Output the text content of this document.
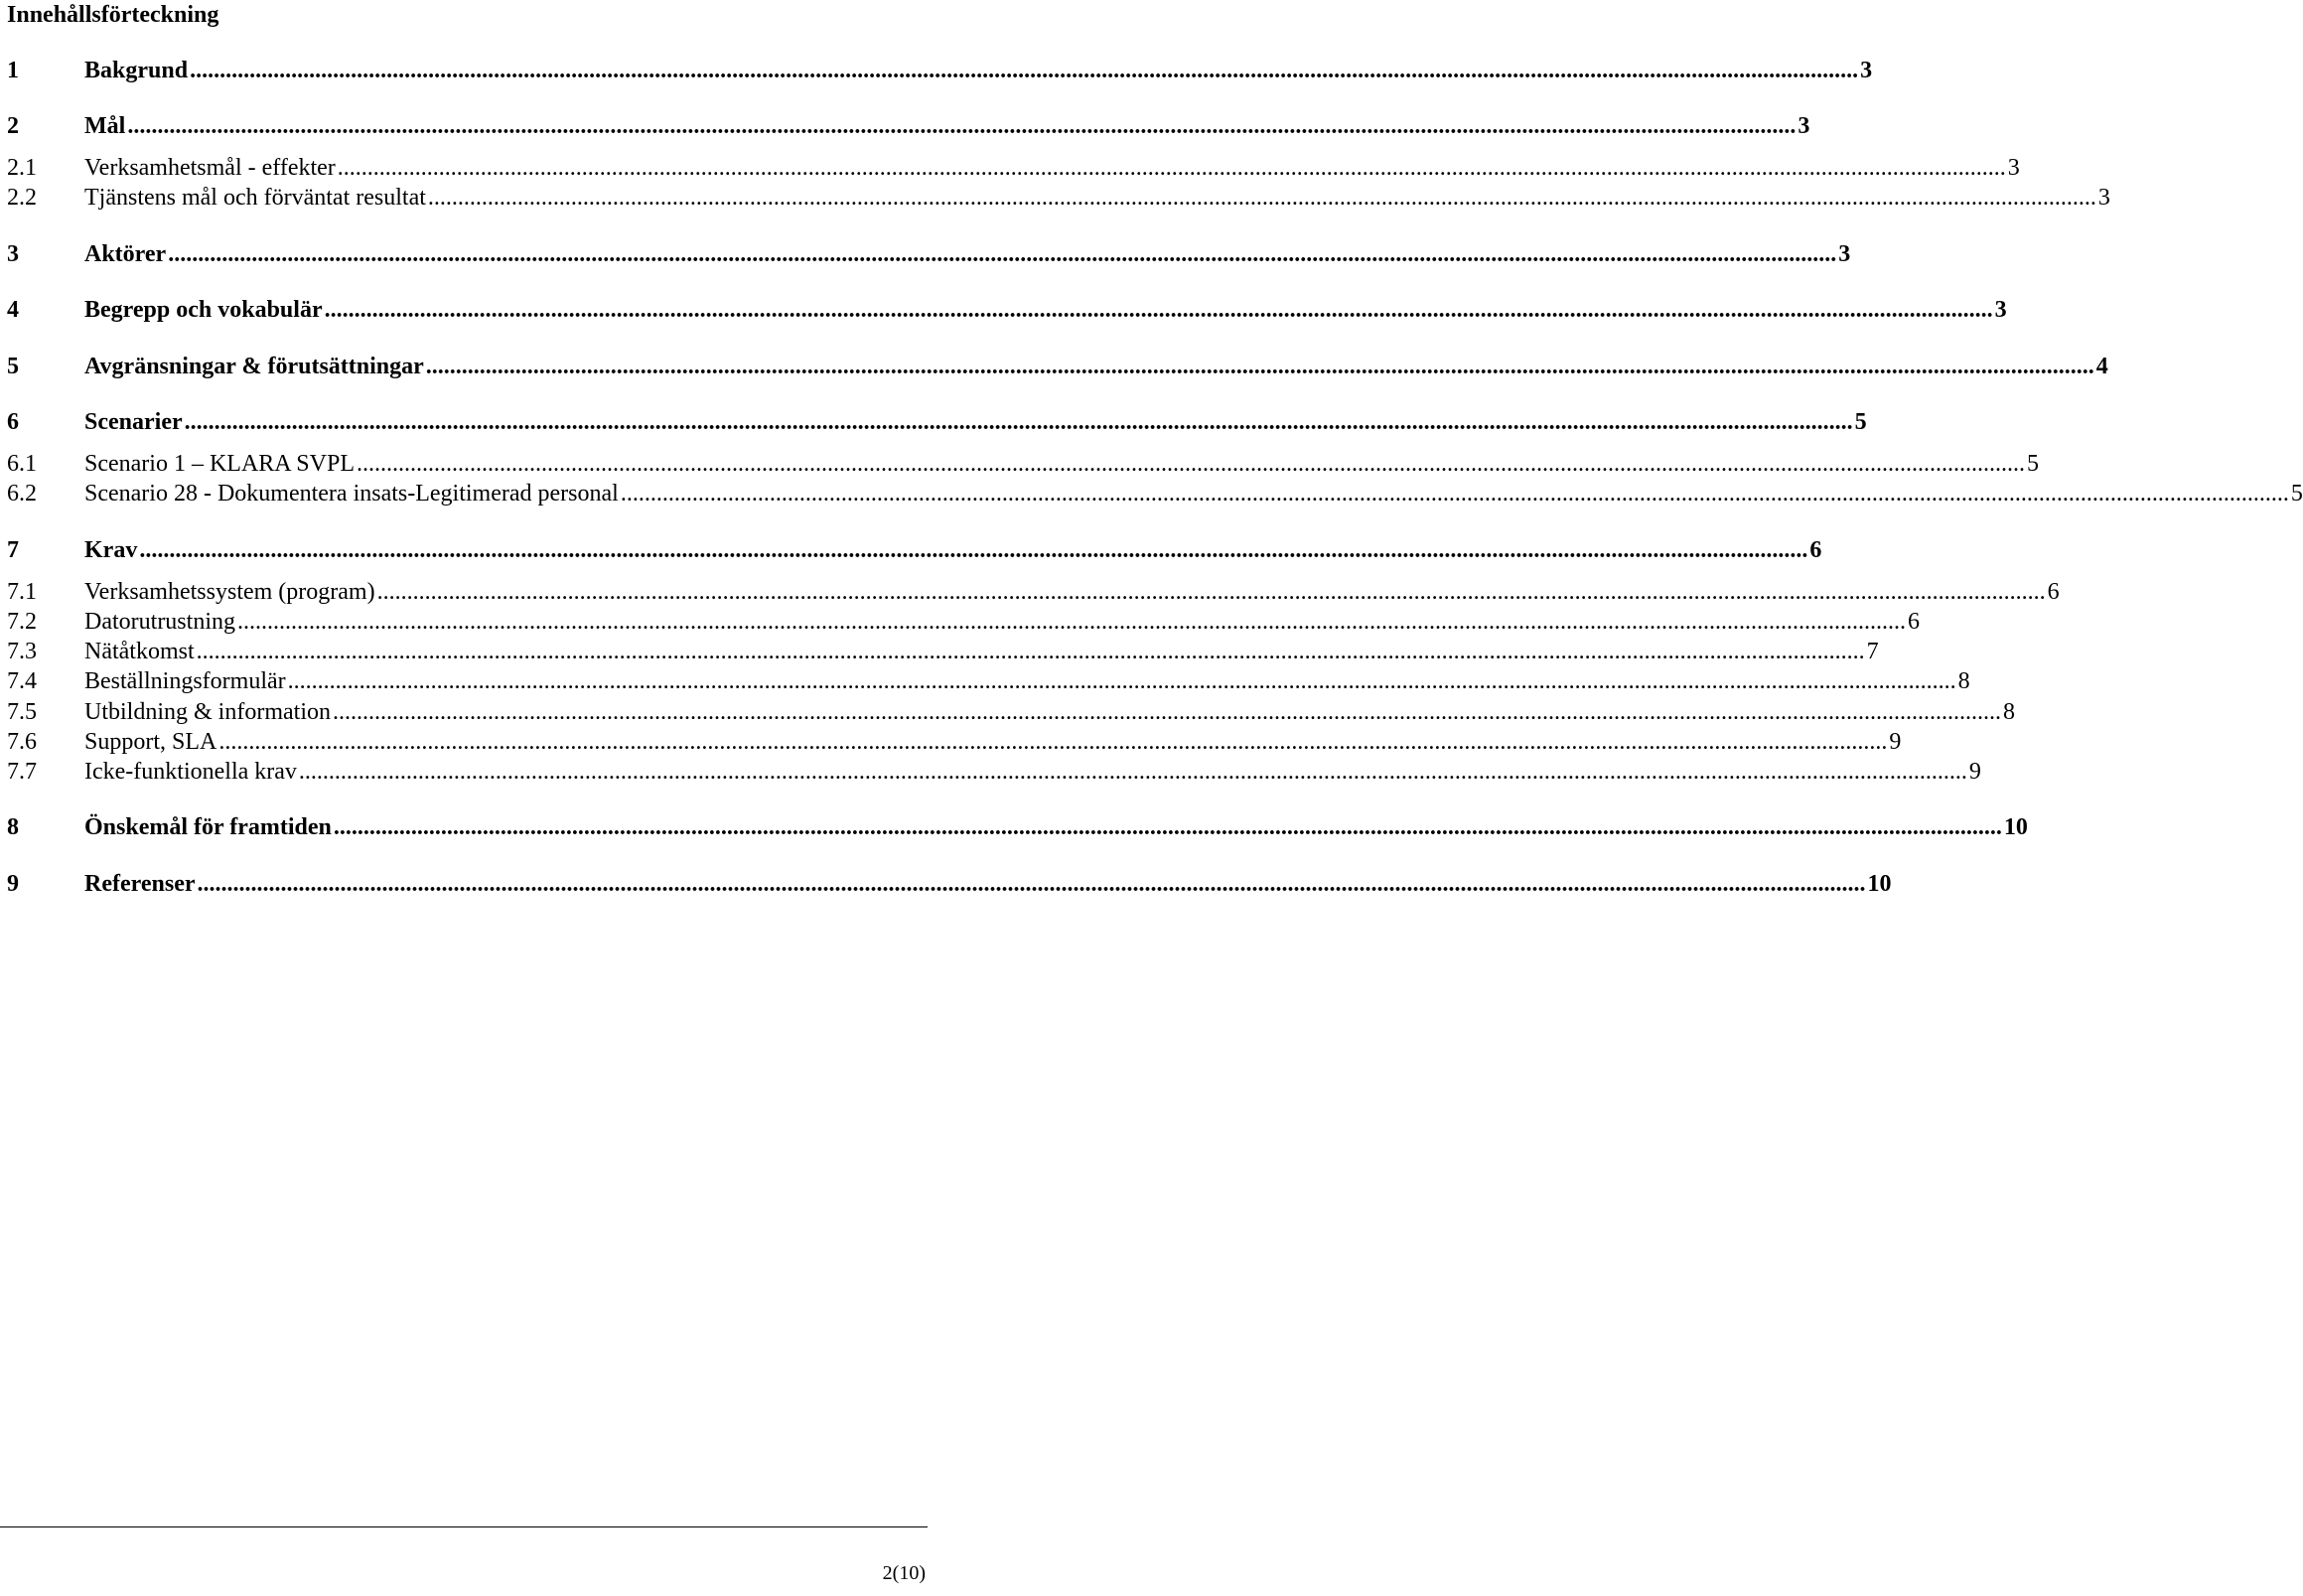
Innehållsförteckning
1	Bakgrund .....	3
2	Mål .....	3
2.1	Verksamhetsmål - effekter .....	3
2.2	Tjänstens mål och förväntat resultat .....	3
3	Aktörer .....	3
4	Begrepp och vokabulär .....	3
5	Avgränsningar & förutsättningar .....	4
6	Scenarier .....	5
6.1	Scenario 1 – KLARA SVPL .....	5
6.2	Scenario 28 - Dokumentera insats-Legitimerad personal .....	5
7	Krav .....	6
7.1	Verksamhetssystem (program) .....	6
7.2	Datorutrustning .....	6
7.3	Nätåtkomst .....	7
7.4	Beställningsformulär .....	8
7.5	Utbildning & information .....	8
7.6	Support, SLA .....	9
7.7	Icke-funktionella krav .....	9
8	Önskemål för framtiden .....	10
9	Referenser .....	10
2(10)
